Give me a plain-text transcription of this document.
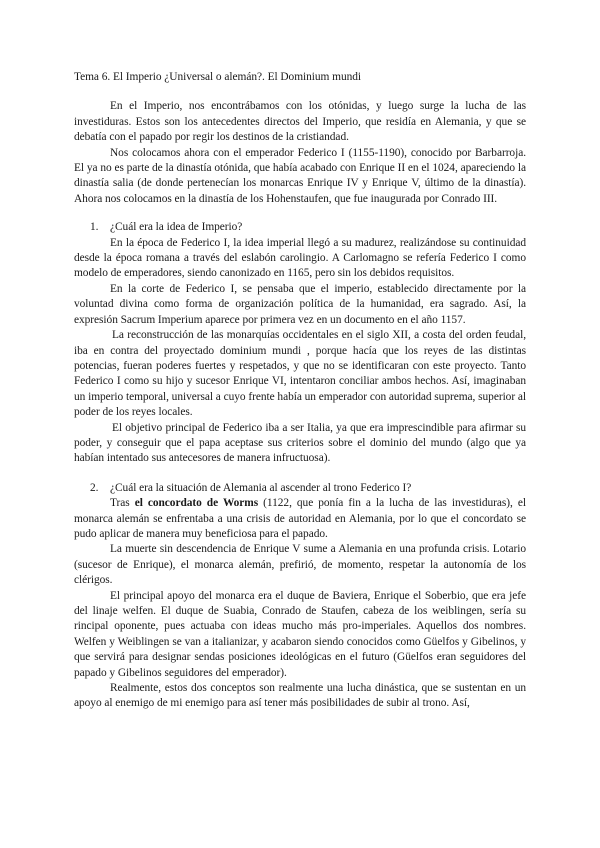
Tema 6. El Imperio ¿Universal o alemán?. El Dominium mundi

En el Imperio, nos encontrábamos con los otónidas, y luego surge la lucha de las investiduras. Estos son los antecedentes directos del Imperio, que residía en Alemania, y que se debatía con el papado por regir los destinos de la cristiandad.

Nos colocamos ahora con el emperador Federico I (1155-1190), conocido por Barbarroja. El ya no es parte de la dinastía otónida, que había acabado con Enrique II en el 1024, apareciendo la dinastía salia (de donde pertenecían los monarcas Enrique IV y Enrique V, último de la dinastía). Ahora nos colocamos en la dinastía de los Hohenstaufen, que fue inaugurada por Conrado III.

1.	¿Cuál era la idea de Imperio?

En la época de Federico I, la idea imperial llegó a su madurez, realizándose su continuidad desde la época romana a través del eslabón carolingio. A Carlomagno se refería Federico I como modelo de emperadores, siendo canonizado en 1165, pero sin los debidos requisitos.

En la corte de Federico I, se pensaba que el imperio, establecido directamente por la voluntad divina como forma de organización política de la humanidad, era sagrado. Así, la expresión Sacrum Imperium aparece por primera vez en un documento en el año 1157.

La reconstrucción de las monarquías occidentales en el siglo XII, a costa del orden feudal, iba en contra del proyectado dominium mundi , porque hacía que los reyes de las distintas potencias, fueran poderes fuertes y respetados, y que no se identificaran con este proyecto. Tanto Federico I como su hijo y sucesor Enrique VI, intentaron conciliar ambos hechos. Así, imaginaban un imperio temporal, universal a cuyo frente había un emperador con autoridad suprema, superior al poder de los reyes locales.

El objetivo principal de Federico iba a ser Italia, ya que era imprescindible para afirmar su poder, y conseguir que el papa aceptase sus criterios sobre el dominio del mundo (algo que ya habían intentado sus antecesores de manera infructuosa).

2.	¿Cuál era la situación de Alemania al ascender al trono Federico I?

Tras el concordato de Worms (1122, que ponía fin a la lucha de las investiduras), el monarca alemán se enfrentaba a una crisis de autoridad en Alemania, por lo que el concordato se pudo aplicar de manera muy beneficiosa para el papado.

La muerte sin descendencia de Enrique V sume a Alemania en una profunda crisis. Lotario (sucesor de Enrique), el monarca alemán, prefirió, de momento, respetar la autonomía de los clérigos.

El principal apoyo del monarca era el duque de Baviera, Enrique el Soberbio, que era jefe del linaje welfen. El duque de Suabia, Conrado de Staufen, cabeza de los weiblingen, sería su rincipal oponente, pues actuaba con ideas mucho más pro-imperiales. Aquellos dos nombres. Welfen y Weiblingen se van a italianizar, y acabaron siendo conocidos como Güelfos y Gibelinos, y que servirá para designar sendas posiciones ideológicas en el futuro (Güelfos eran seguidores del papado y Gibelinos seguidores del emperador).

Realmente, estos dos conceptos son realmente una lucha dinástica, que se sustentan en un apoyo al enemigo de mi enemigo para así tener más posibilidades de subir al trono. Así,
